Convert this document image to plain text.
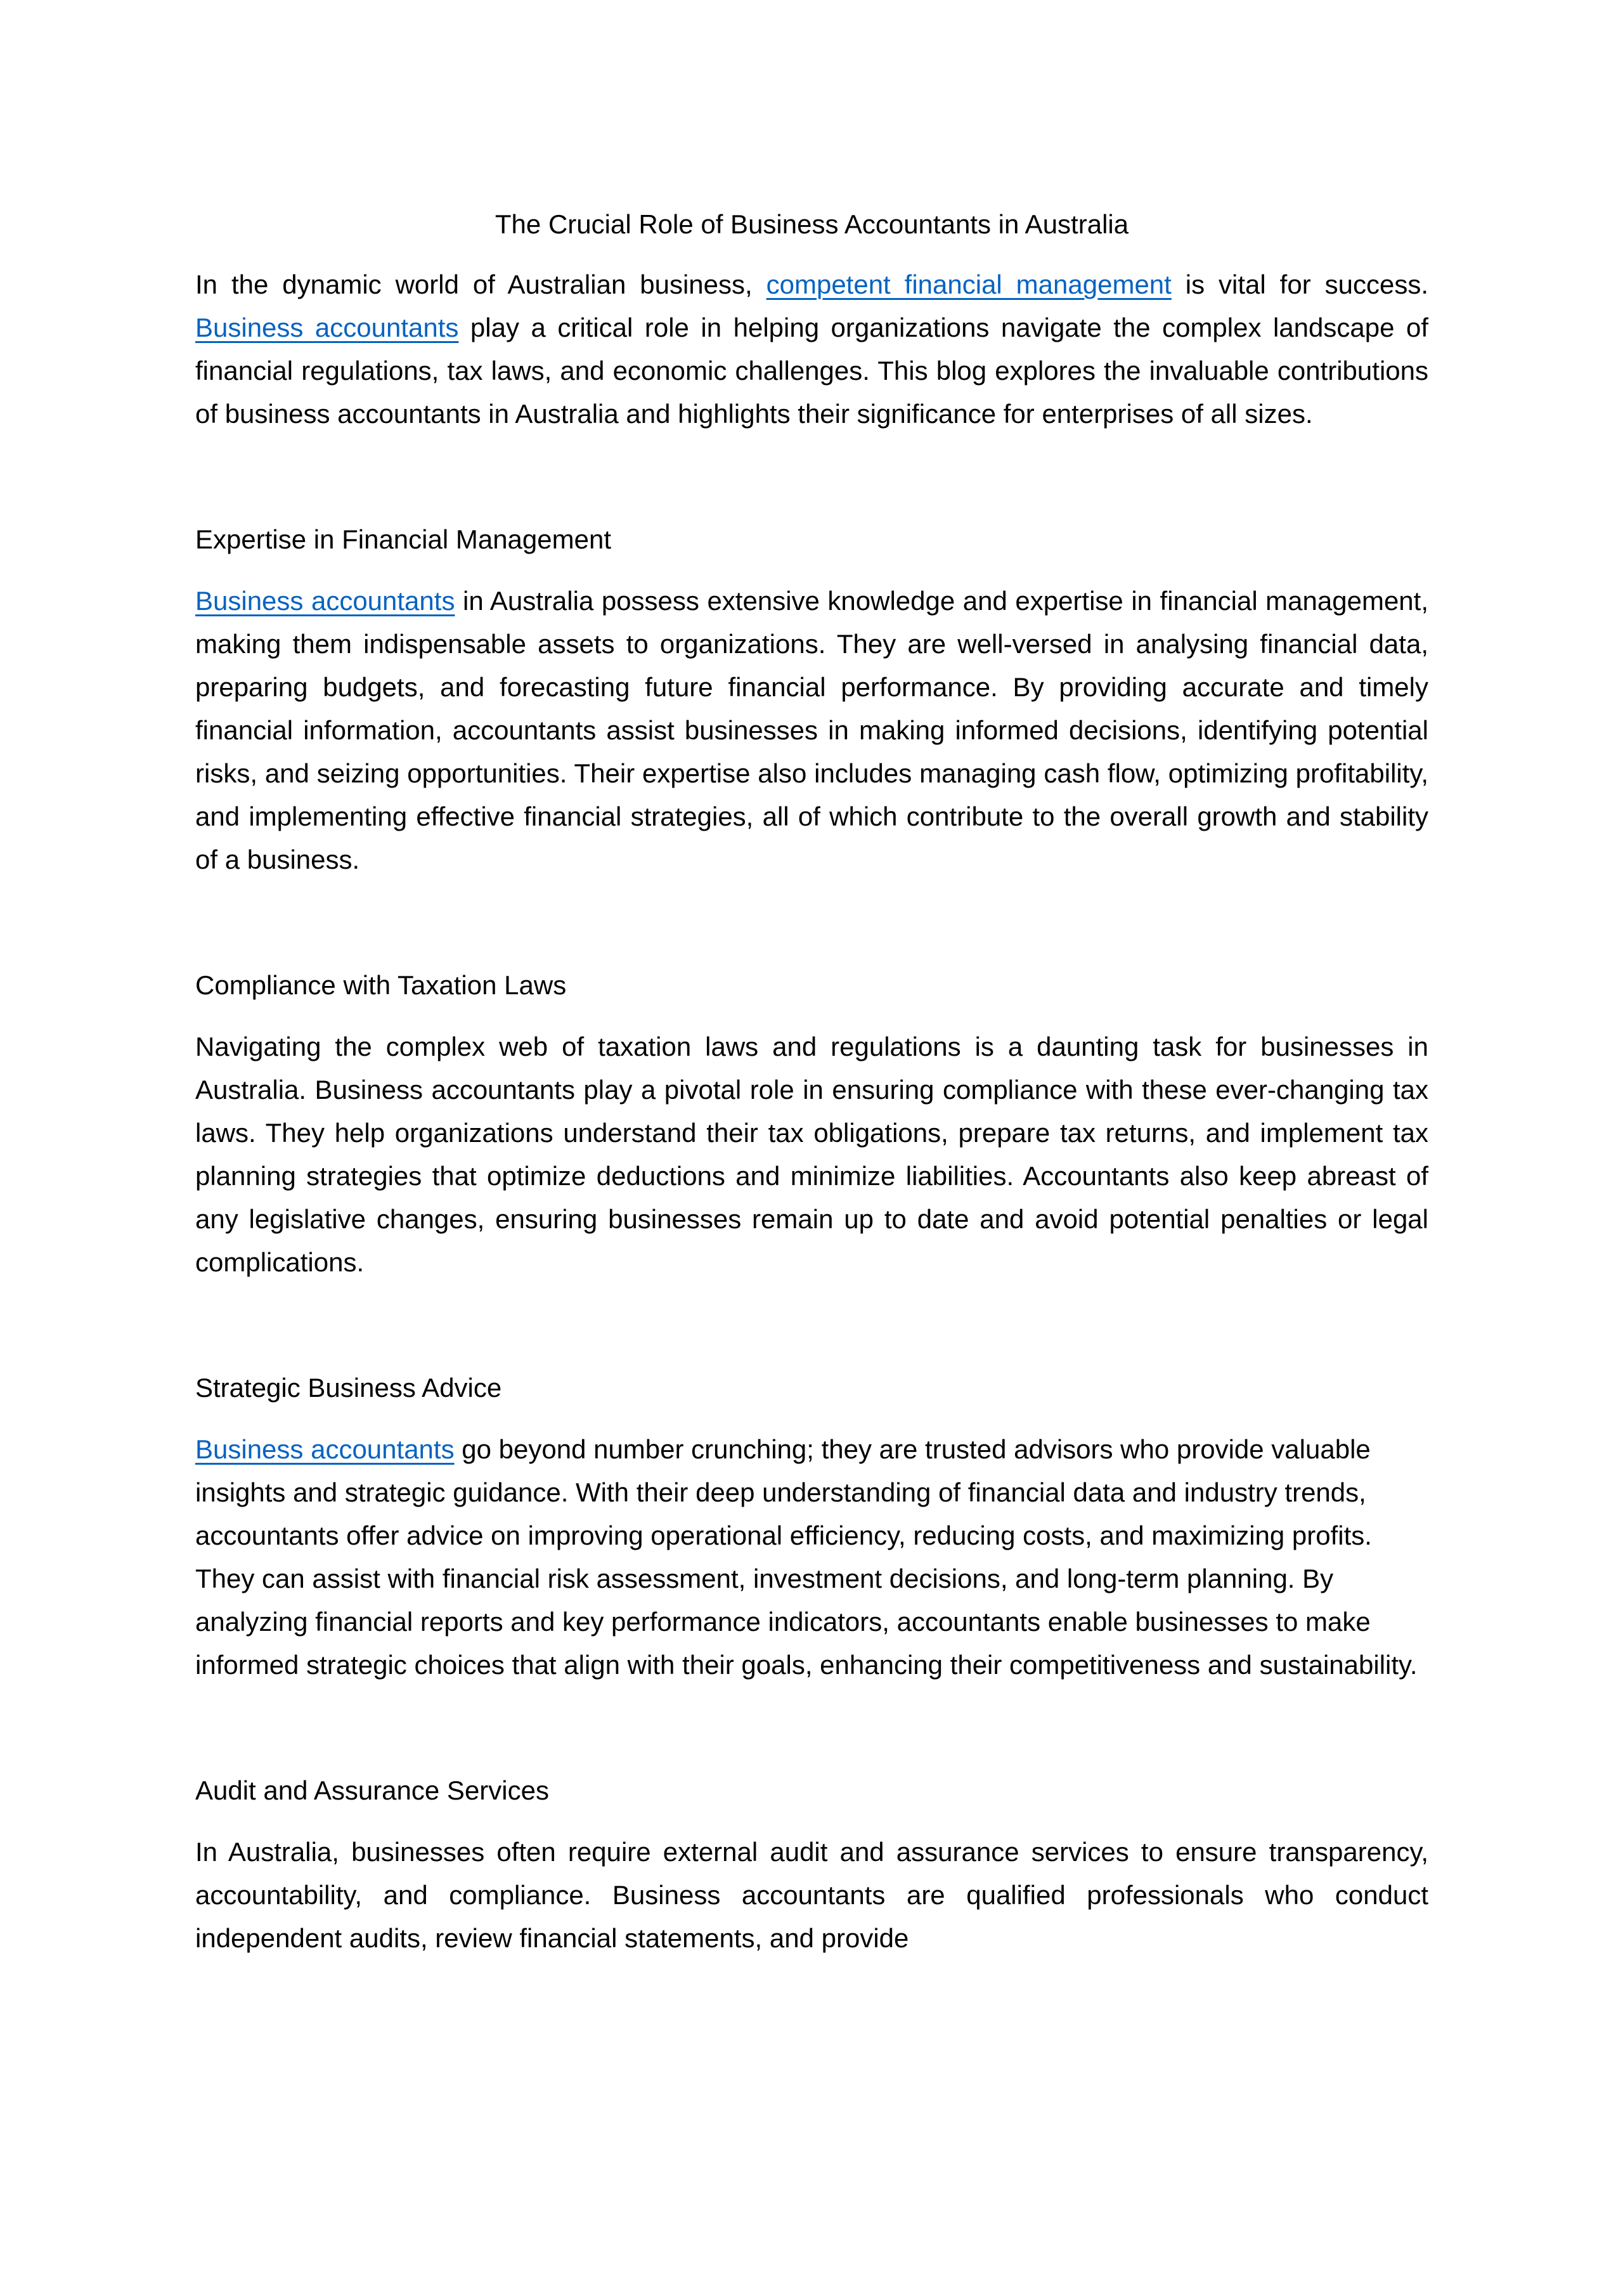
The Crucial Role of Business Accountants in Australia

In the dynamic world of Australian business, competent financial management is vital for success. Business accountants play a critical role in helping organizations navigate the complex landscape of financial regulations, tax laws, and economic challenges. This blog explores the invaluable contributions of business accountants in Australia and highlights their significance for enterprises of all sizes.

Expertise in Financial Management

Business accountants in Australia possess extensive knowledge and expertise in financial management, making them indispensable assets to organizations. They are well-versed in analysing financial data, preparing budgets, and forecasting future financial performance. By providing accurate and timely financial information, accountants assist businesses in making informed decisions, identifying potential risks, and seizing opportunities. Their expertise also includes managing cash flow, optimizing profitability, and implementing effective financial strategies, all of which contribute to the overall growth and stability of a business.

Compliance with Taxation Laws

Navigating the complex web of taxation laws and regulations is a daunting task for businesses in Australia. Business accountants play a pivotal role in ensuring compliance with these ever-changing tax laws. They help organizations understand their tax obligations, prepare tax returns, and implement tax planning strategies that optimize deductions and minimize liabilities. Accountants also keep abreast of any legislative changes, ensuring businesses remain up to date and avoid potential penalties or legal complications.

Strategic Business Advice

Business accountants go beyond number crunching; they are trusted advisors who provide valuable insights and strategic guidance. With their deep understanding of financial data and industry trends, accountants offer advice on improving operational efficiency, reducing costs, and maximizing profits. They can assist with financial risk assessment, investment decisions, and long-term planning. By analyzing financial reports and key performance indicators, accountants enable businesses to make informed strategic choices that align with their goals, enhancing their competitiveness and sustainability.

Audit and Assurance Services

In Australia, businesses often require external audit and assurance services to ensure transparency, accountability, and compliance. Business accountants are qualified professionals who conduct independent audits, review financial statements, and provide
